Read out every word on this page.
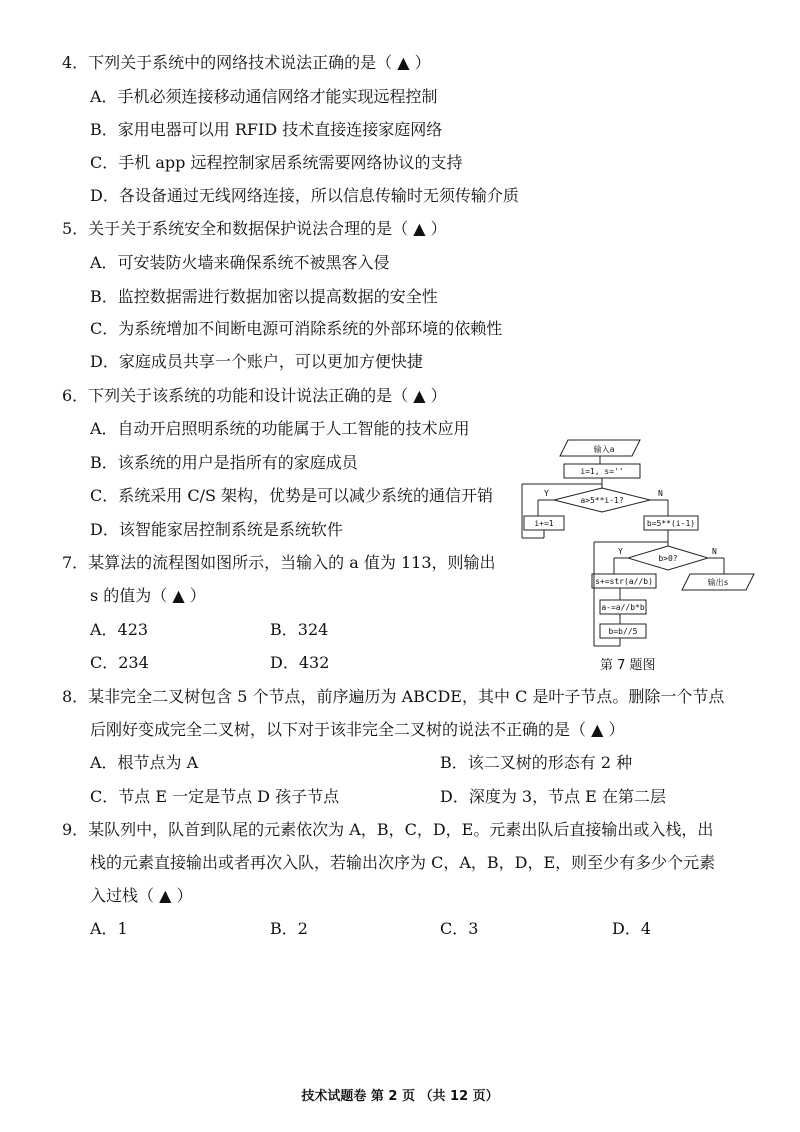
4．下列关于系统中的网络技术说法正确的是（ ▲ ）
A．手机必须连接移动通信网络才能实现远程控制
B．家用电器可以用 RFID 技术直接连接家庭网络
C．手机 app 远程控制家居系统需要网络协议的支持
D．各设备通过无线网络连接，所以信息传输时无须传输介质
5．关于关于系统安全和数据保护说法合理的是（ ▲ ）
A．可安装防火墙来确保系统不被黑客入侵
B．监控数据需进行数据加密以提高数据的安全性
C．为系统增加不间断电源可消除系统的外部环境的依赖性
D．家庭成员共享一个账户，可以更加方便快捷
6．下列关于该系统的功能和设计说法正确的是（ ▲ ）
A．自动开启照明系统的功能属于人工智能的技术应用
B．该系统的用户是指所有的家庭成员
C．系统采用 C/S 架构，优势是可以减少系统的通信开销
D．该智能家居控制系统是系统软件
7．某算法的流程图如图所示，当输入的 a 值为 113，则输出
s 的值为（ ▲ ）
A．423	B．324
C．234	D．432
输入a
i=1, s=''
a>5**i-1?
Y	N
i+=1	b=5**(i-1)
b>0?
Y	N
输出s
s+=str(a//b)
a-=a//b*b
b=b//5
第 7 题图
8．某非完全二叉树包含 5 个节点，前序遍历为 ABCDE，其中 C 是叶子节点。删除一个节点
后刚好变成完全二叉树，以下对于该非完全二叉树的说法不正确的是（ ▲ ）
A．根节点为 A	B．该二叉树的形态有 2 种
C．节点 E 一定是节点 D 孩子节点	D．深度为 3，节点 E 在第二层
9．某队列中，队首到队尾的元素依次为 A，B，C，D，E。元素出队后直接输出或入栈，出
栈的元素直接输出或者再次入队，若输出次序为 C，A，B，D，E，则至少有多少个元素
入过栈（ ▲ ）
A．1	B．2	C．3	D．4
技术试题卷 第 2 页 （共 12 页）
